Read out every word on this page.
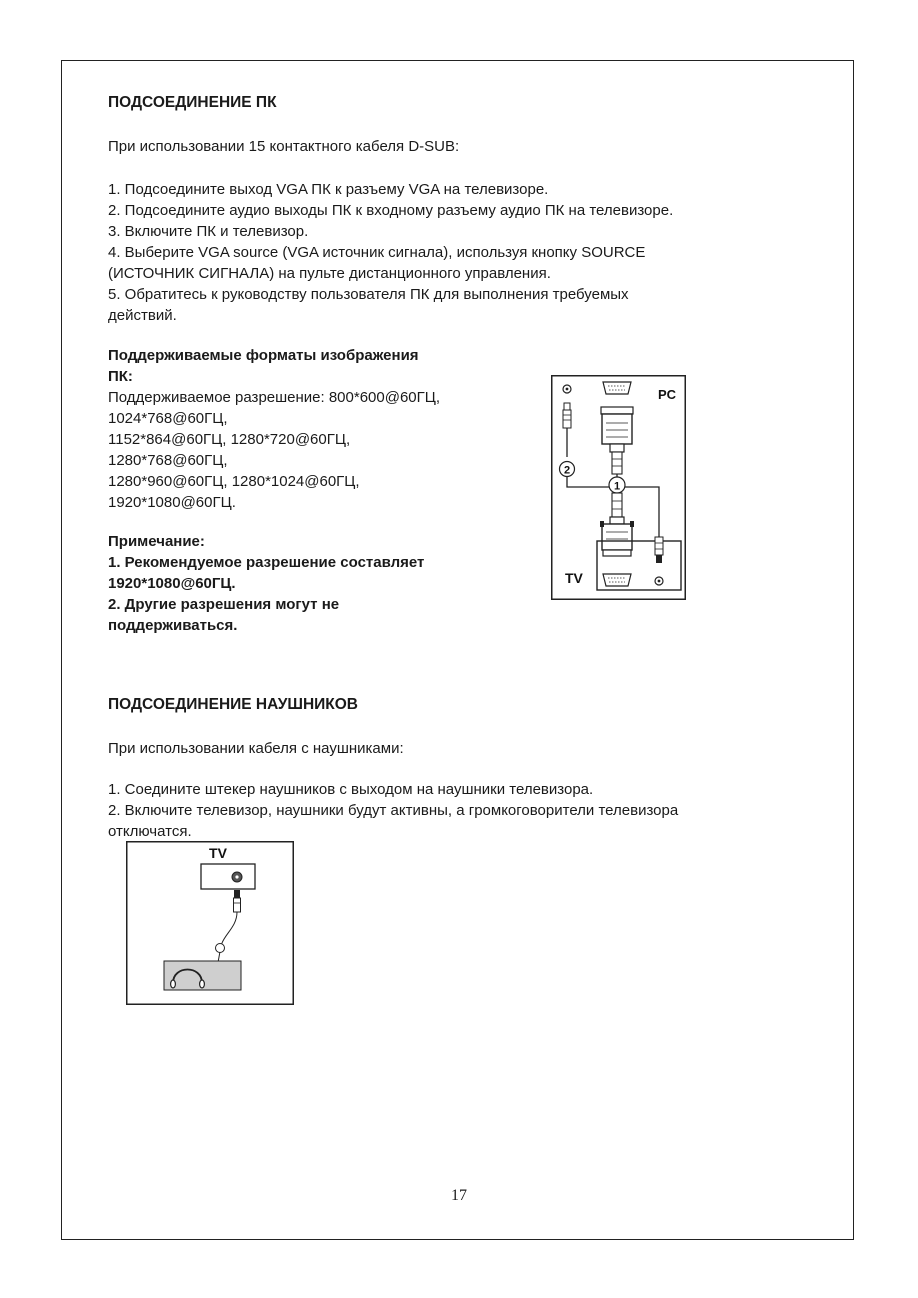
ПОДСОЕДИНЕНИЕ ПК

При использовании 15 контактного кабеля D-SUB:

1. Подсоедините выход VGA ПК к разъему VGA на телевизоре.

2. Подсоедините аудио выходы ПК к входному разъему аудио ПК на телевизоре.

3. Включите ПК и телевизор.

4. Выберите VGA source (VGA источник сигнала), используя кнопку SOURCE

(ИСТОЧНИК СИГНАЛА) на пульте дистанционного управления.

5. Обратитесь к руководству пользователя ПК для выполнения требуемых

действий.

Поддерживаемые форматы изображения

ПК:

Поддерживаемое разрешение: 800*600@60ГЦ,

1024*768@60ГЦ,

1152*864@60ГЦ, 1280*720@60ГЦ,

1280*768@60ГЦ,

1280*960@60ГЦ, 1280*1024@60ГЦ,

1920*1080@60ГЦ.

Примечание:

1. Рекомендуемое разрешение составляет

1920*1080@60ГЦ.

2. Другие разрешения могут не

поддерживаться.

PC
2
1
TV

ПОДСОЕДИНЕНИЕ НАУШНИКОВ

При использовании кабеля с наушниками:

1. Соедините штекер наушников с выходом на наушники телевизора.

2. Включите телевизор, наушники будут активны, а громкоговорители телевизора

отключатся.

TV
17
